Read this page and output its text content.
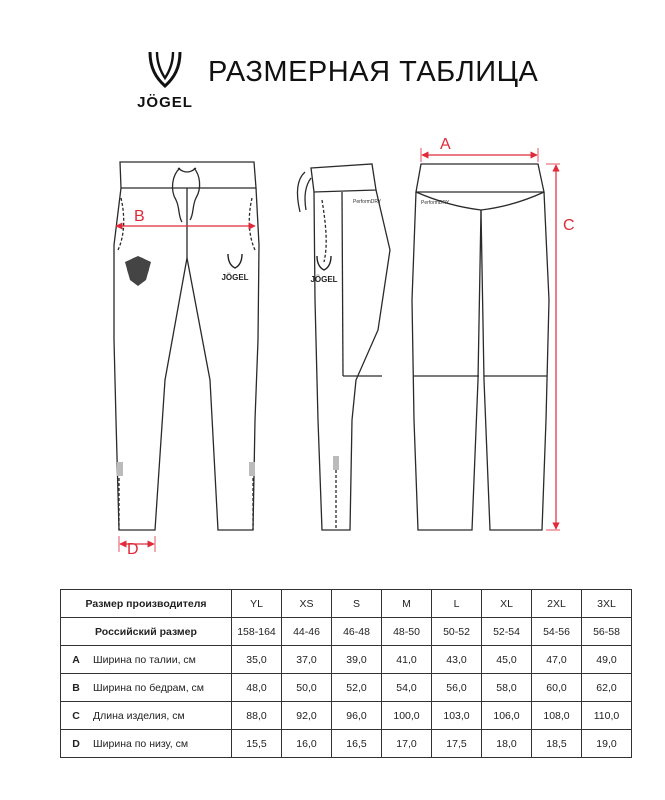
JÖGEL
РАЗМЕРНАЯ ТАБЛИЦА
JÖGEL
B
D
JÖGEL
PerformDRY	PerformDRY
A
C
Размер производителя		YL	XS	S	M	L	XL	2XL	3XL
Российский размер		158-164	44-46	46-48	48-50	50-52	52-54	54-56	56-58
A	Ширина по талии, см	35,0	37,0	39,0	41,0	43,0	45,0	47,0	49,0
B	Ширина по бедрам, см	48,0	50,0	52,0	54,0	56,0	58,0	60,0	62,0
C	Длина изделия, см	88,0	92,0	96,0	100,0	103,0	106,0	108,0	110,0
D	Ширина по низу, см	15,5	16,0	16,5	17,0	17,5	18,0	18,5	19,0
